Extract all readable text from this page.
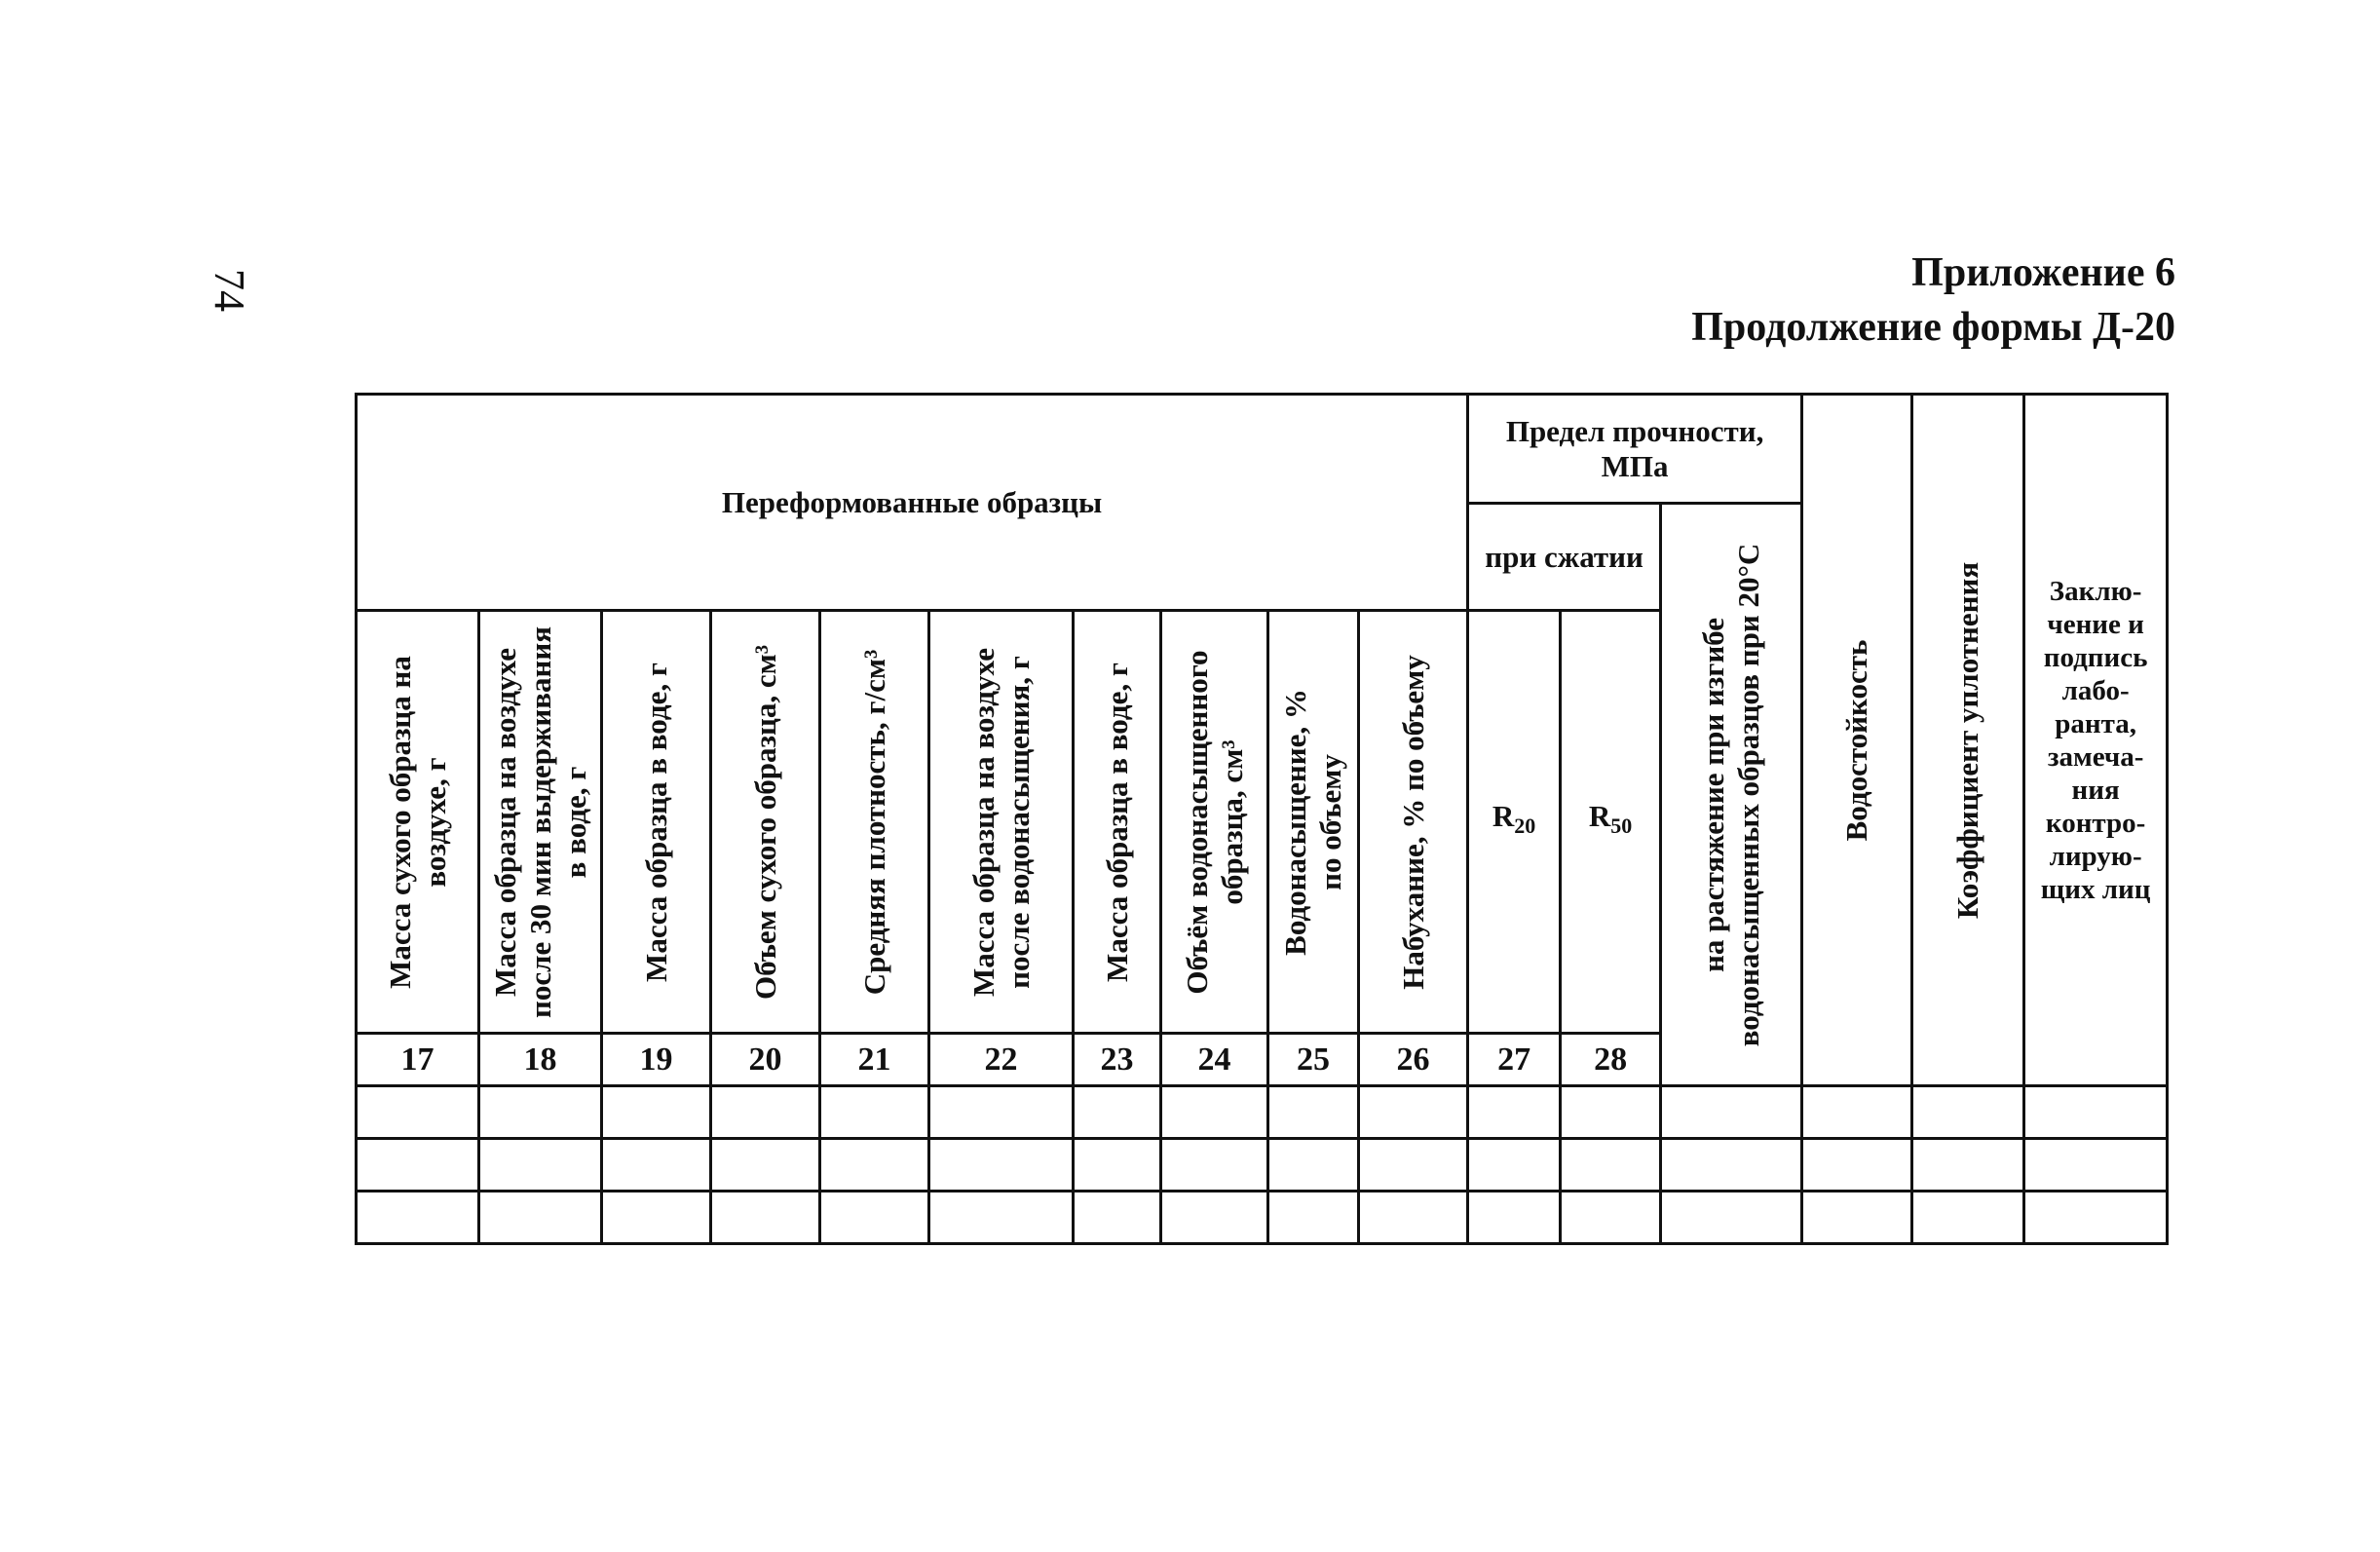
74	Приложение 6
Продолжение формы Д-20
Переформованные образцы										Предел прочности, МПа			Водостойкость	Коэффициент уплотнения	Заклю-чение и подпись лабо-ранта, замеча-ния контро-лирую-щих лиц	

										при сжатии		на растяжение при изгибе водонасыщенных образцов при 20°С				

Масса сухого образца на воздухе, г	Масса образца на воздухе после 30 мин выдерживания в воде, г	Масса образца в воде, г	Объем сухого образца, см³	Средняя плотность, г/см³	Масса образца на воздухе после водонасыщения, г	Масса образца в воде, г	Объём водонасыщенного образца, см³	Водонасыщение, % по объему	Набухание, % по объему	$R_{20}$	$R_{50}$
17	18	19	20	21	22	23	24	25	26	27	28				
